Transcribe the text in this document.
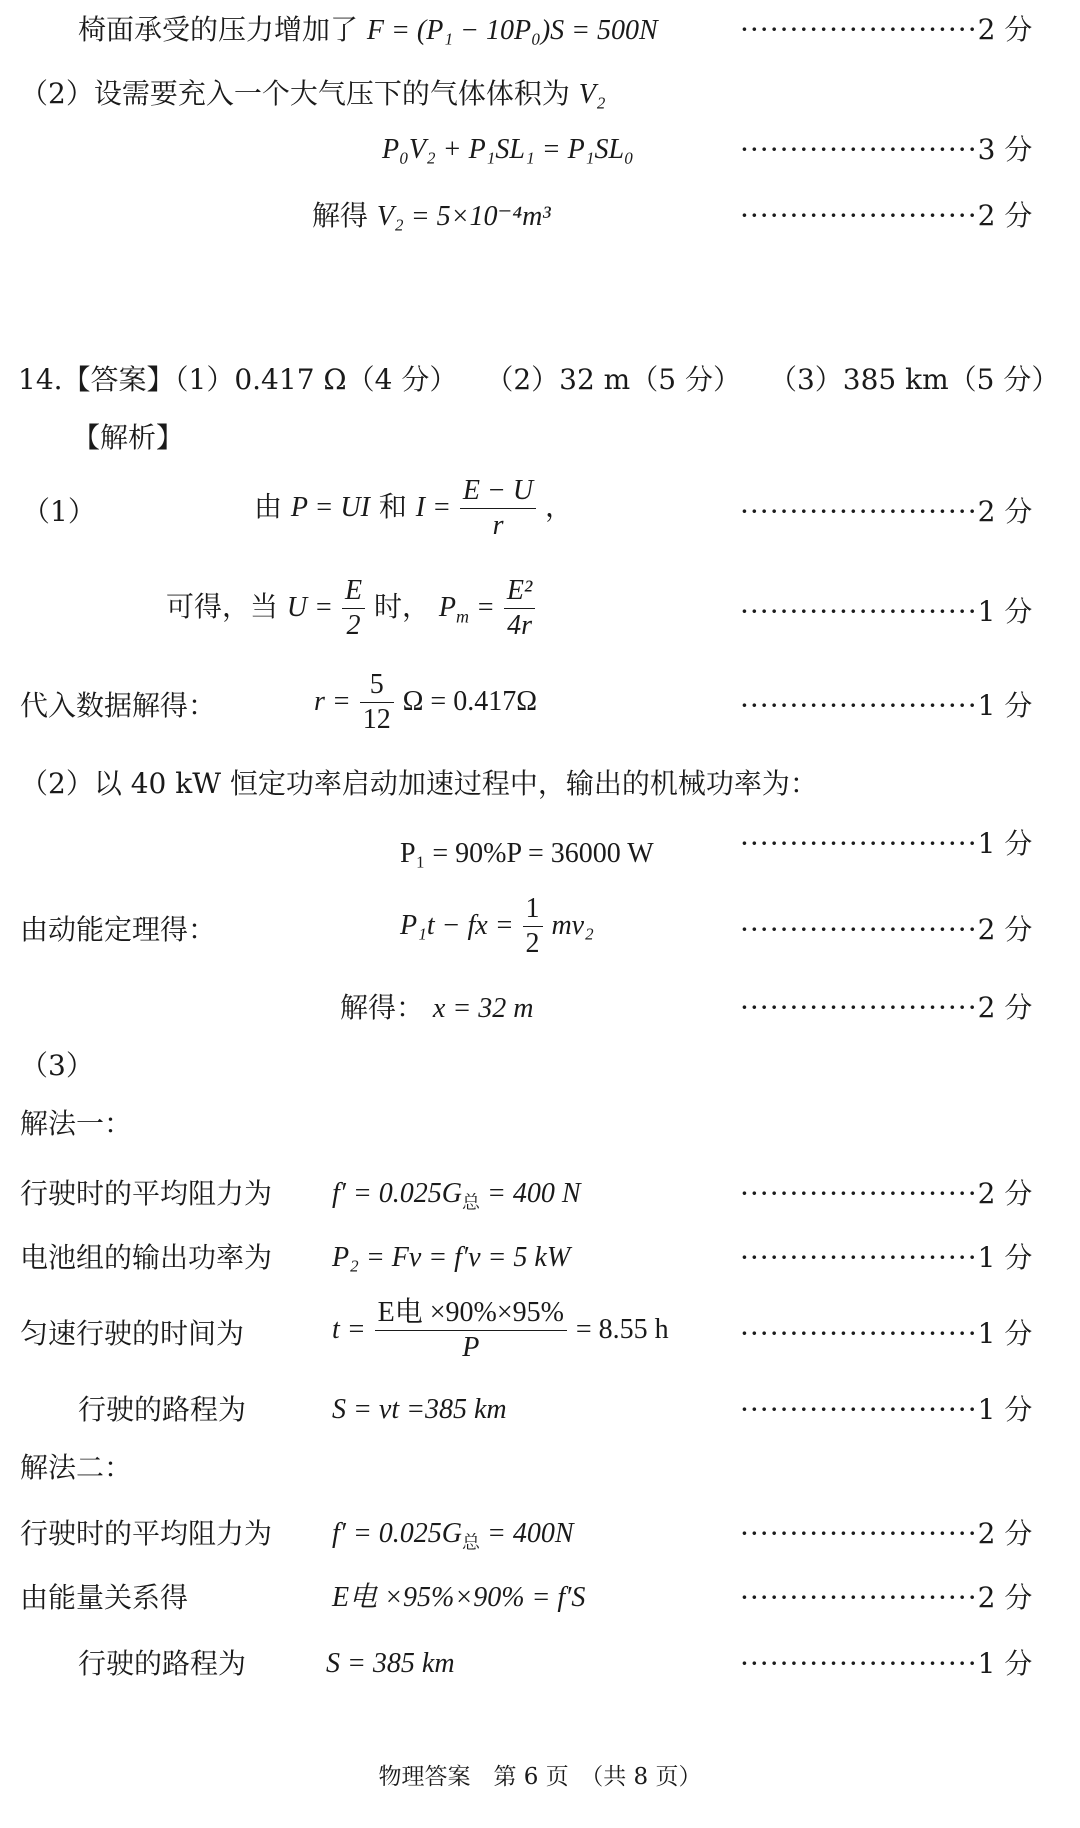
椅面承受的压力增加了 F = (P₁ − 10P₀)S = 500N	························2 分
（2）设需要充入一个大气压下的气体体积为 V₂
P₀V₂ + P₁SL₁ = P₁SL₀	························3 分
解得 V₂ = 5×10⁻⁴m³	························2 分
14.【答案】（1）0.417 Ω（4 分）　　（2）32 m（5 分）　　（3）385 km（5 分）
【解析】
（1）	由 P = UI 和 $I = \frac{E - U}{r}$ ，	························2 分
可得，当 $U = \frac{E}{2}$ 时， $P_m = \frac{\text{E²}}{4r}$	························1 分
代入数据解得：	$r = \frac{5}{12}$ Ω = 0.417Ω	························1 分
（2）以 40 kW 恒定功率启动加速过程中，输出的机械功率为：
P₁ = 90%P = 36000 W	························1 分
由动能定理得：	P₁t − fx = $\frac{1}{2} mv_2$	························2 分
解得： x = 32 m	························2 分
（3）
解法一：
行驶时的平均阻力为 $f' = 0.025G_总 = 400$ N	························2 分
电池组的输出功率为 P₂ = Fv = f′v = 5 kW	························1 分
匀速行驶的时间为	$t = \frac{\text{E电 ×90\%×95\%}}{P} = 8.55$ h	························1 分
行驶的路程为	S = vt =385 km	························1 分
解法二：
行驶时的平均阻力为 $f' = 0.025G_总 = 400N$	························2 分
由能量关系得	E电 ×95%×90% = f′S	························2 分
行驶的路程为	S = 385 km	························1 分
物理答案　第 6 页　（共 8 页）
